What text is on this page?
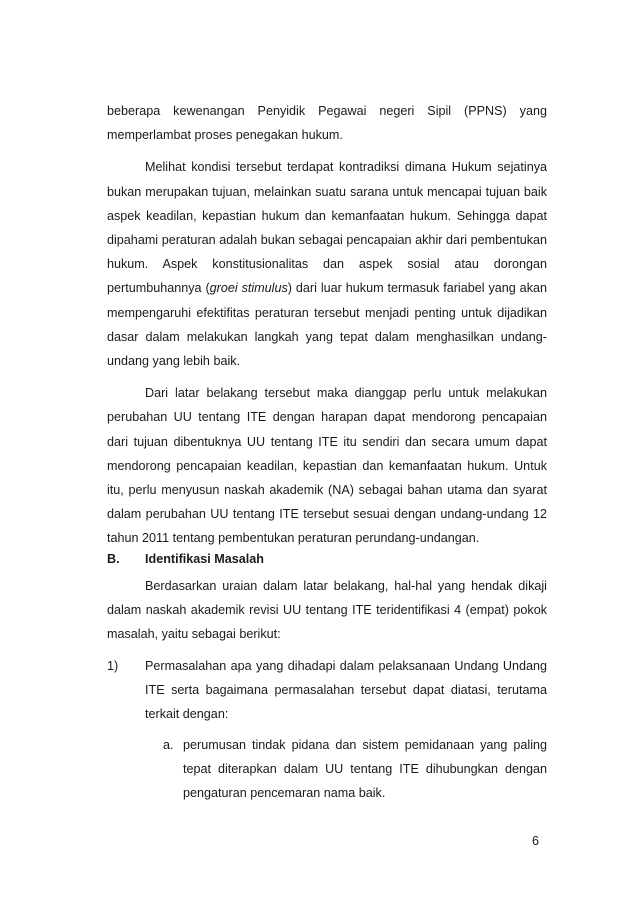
beberapa kewenangan Penyidik Pegawai negeri Sipil (PPNS) yang memperlambat proses penegakan hukum.

Melihat kondisi tersebut terdapat kontradiksi dimana Hukum sejatinya bukan merupakan tujuan, melainkan suatu sarana untuk mencapai tujuan baik aspek keadilan, kepastian hukum dan kemanfaatan hukum. Sehingga dapat dipahami peraturan adalah bukan sebagai pencapaian akhir dari pembentukan hukum. Aspek konstitusionalitas dan aspek sosial atau dorongan pertumbuhannya (groei stimulus) dari luar hukum termasuk fariabel yang akan mempengaruhi efektifitas peraturan tersebut menjadi penting untuk dijadikan dasar dalam melakukan langkah yang tepat dalam menghasilkan undang-undang yang lebih baik.

Dari latar belakang tersebut maka dianggap perlu untuk melakukan perubahan UU tentang ITE dengan harapan dapat mendorong pencapaian dari tujuan dibentuknya UU tentang ITE itu sendiri dan secara umum dapat mendorong pencapaian keadilan, kepastian dan kemanfaatan hukum. Untuk itu, perlu menyusun naskah akademik (NA) sebagai bahan utama dan syarat dalam perubahan UU tentang ITE tersebut sesuai dengan undang-undang 12 tahun 2011 tentang pembentukan peraturan perundang-undangan.

B. Identifikasi Masalah
Berdasarkan uraian dalam latar belakang, hal-hal yang hendak dikaji dalam naskah akademik revisi UU tentang ITE teridentifikasi 4 (empat) pokok masalah, yaitu sebagai berikut:
1) Permasalahan apa yang dihadapi dalam pelaksanaan Undang Undang ITE serta bagaimana permasalahan tersebut dapat diatasi, terutama terkait dengan:
a. perumusan tindak pidana dan sistem pemidanaan yang paling tepat diterapkan dalam UU tentang ITE dihubungkan dengan pengaturan pencemaran nama baik.
6
